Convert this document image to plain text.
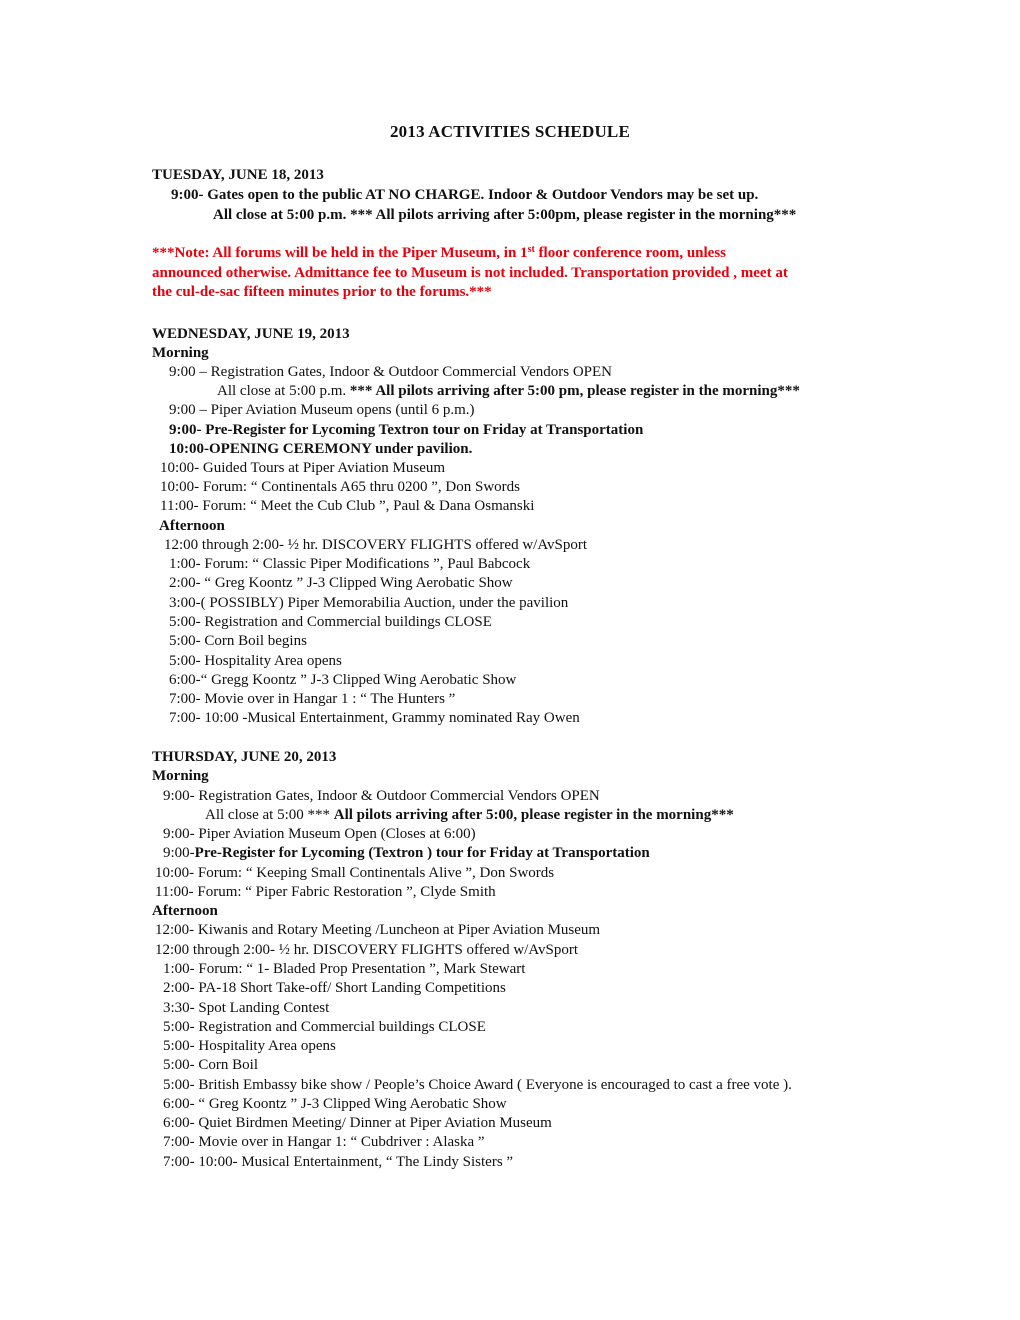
2013 ACTIVITIES SCHEDULE
TUESDAY, JUNE 18, 2013
9:00- Gates open to the public AT NO CHARGE. Indoor & Outdoor Vendors may be set up.
All close at 5:00 p.m. *** All pilots arriving after 5:00pm, please register in the morning***
***Note: All forums will be held in the Piper Museum, in 1st floor conference room, unless
announced otherwise. Admittance fee to Museum is not included. Transportation provided , meet at
the cul-de-sac fifteen minutes prior to the forums.***
WEDNESDAY, JUNE 19, 2013
Morning
9:00 – Registration Gates, Indoor & Outdoor Commercial Vendors OPEN
All close at 5:00 p.m. *** All pilots arriving after 5:00 pm, please register in the morning***
9:00 – Piper Aviation Museum opens (until 6 p.m.)
9:00- Pre-Register for Lycoming Textron tour on Friday at Transportation
10:00-OPENING CEREMONY under pavilion.
10:00- Guided Tours at Piper Aviation Museum
10:00- Forum: “ Continentals A65 thru 0200 ”, Don Swords
11:00- Forum: “ Meet the Cub Club ”, Paul & Dana Osmanski
Afternoon
12:00 through 2:00- ½ hr. DISCOVERY FLIGHTS offered w/AvSport
1:00- Forum: “ Classic Piper Modifications ”, Paul Babcock
2:00- “ Greg Koontz ” J-3 Clipped Wing Aerobatic Show
3:00-( POSSIBLY) Piper Memorabilia Auction, under the pavilion
5:00- Registration and Commercial buildings CLOSE
5:00- Corn Boil begins
5:00- Hospitality Area opens
6:00-“ Gregg Koontz ” J-3 Clipped Wing Aerobatic Show
7:00- Movie over in Hangar 1 : “ The Hunters ”
7:00- 10:00 -Musical Entertainment, Grammy nominated Ray Owen
THURSDAY, JUNE 20, 2013
Morning
9:00- Registration Gates, Indoor & Outdoor Commercial Vendors OPEN
All close at 5:00 *** All pilots arriving after 5:00, please register in the morning***
9:00- Piper Aviation Museum Open (Closes at 6:00)
9:00-Pre-Register for Lycoming (Textron ) tour for Friday at Transportation
10:00- Forum: “ Keeping Small Continentals Alive ”, Don Swords
11:00- Forum: “ Piper Fabric Restoration ”, Clyde Smith
Afternoon
12:00- Kiwanis and Rotary Meeting /Luncheon at Piper Aviation Museum
12:00 through 2:00- ½ hr. DISCOVERY FLIGHTS offered w/AvSport
1:00- Forum: “ 1- Bladed Prop Presentation ”, Mark Stewart
2:00- PA-18 Short Take-off/ Short Landing Competitions
3:30- Spot Landing Contest
5:00- Registration and Commercial buildings CLOSE
5:00- Hospitality Area opens
5:00- Corn Boil
5:00- British Embassy bike show / People’s Choice Award ( Everyone is encouraged to cast a free vote ).
6:00- “ Greg Koontz ” J-3 Clipped Wing Aerobatic Show
6:00- Quiet Birdmen Meeting/ Dinner at Piper Aviation Museum
7:00- Movie over in Hangar 1: “ Cubdriver : Alaska ”
7:00- 10:00- Musical Entertainment, “ The Lindy Sisters ”
